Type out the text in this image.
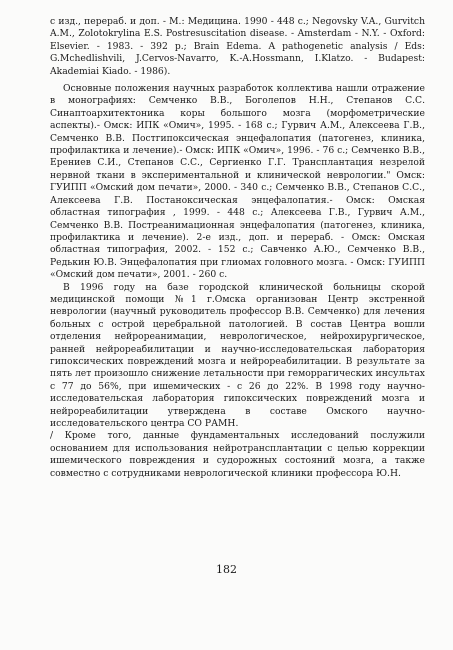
с изд., перераб. и доп. - М.: Медицина. 1990 - 448 с.; Negovsky V.A., Gurvitch A.M., Zolotokrylina E.S. Postresuscitation disease. - Amsterdam - N.Y. - Oxford: Elsevier. - 1983. - 392 p.; Brain Edema. A pathogenetic analysis / Eds: G.Mchedlishvili, J.Cervos-Navarro, K.-A.Hossmann, I.Klatzo. - Budapest: Akademiai Kiado. - 1986).

Основные положения научных разработок коллектива нашли отражение в монографиях: Семченко В.В., Боголепов Н.Н., Степанов С.С. Синаптоархитектоника коры большого мозга (морфометрические аспекты).- Омск: ИПК «Омич», 1995. - 168 с.; Гурвич А.М., Алексеева Г.В., Семченко В.В. Постгипоксическая энцефалопатия (патогенез, клиника, профилактика и лечение).- Омск: ИПК «Омич», 1996. - 76 с.; Семченко В.В., Ерениев С.И., Степанов С.С., Сергиенко Г.Г. Трансплантация незрелой нервной ткани в экспериментальной и клинической неврологии." Омск: ГУИПП «Омский дом печати», 2000. - 340 с.; Семченко В.В., Степанов С.С., Алексеева Г.В. Постаноксическая энцефалопатия.- Омск: Омская областная типография , 1999. - 448 с.; Алексеева Г.В., Гурвич А.М., Семченко В.В. Постреанимационная энцефалопатия (патогенез, клиника, профилактика и лечение). 2-е изд., доп. и перераб. - Омск: Омская областная типография, 2002. - 152 с.; Савченко А.Ю., Семченко В.В., Редькин Ю.В. Энцефалопатия при глиомах головного мозга. - Омск: ГУИПП «Омский дом печати», 2001. - 260 с.

В 1996 году на базе городской клинической больницы скорой медицинской помощи №1 г.Омска организован Центр экстренной неврологии (научный руководитель профессор В.В. Семченко) для лечения больных с острой церебральной патологией. В состав Центра вошли отделения нейрореанимации, неврологическое, нейрохирургическое, ранней нейрореабилитации и научно-исследовательская лаборатория гипоксических повреждений мозга и нейрореабилитации. В результате за пять лет произошло снижение летальности при геморрагических инсультах с 77 до 56%, при ишемических - с 26 до 22%. В 1998 году научно-исследовательская лаборатория гипоксических повреждений мозга и нейрореабилитации утверждена в составе Омского научно-исследовательского центра СО РАМН.

/ Кроме того, данные фундаментальных исследований послужили основанием для использования нейротрансплантации с целью коррекции ишемического повреждения и судорожных состояний мозга, а также совместно с сотрудниками неврологической клиники профессора Ю.Н.

182
